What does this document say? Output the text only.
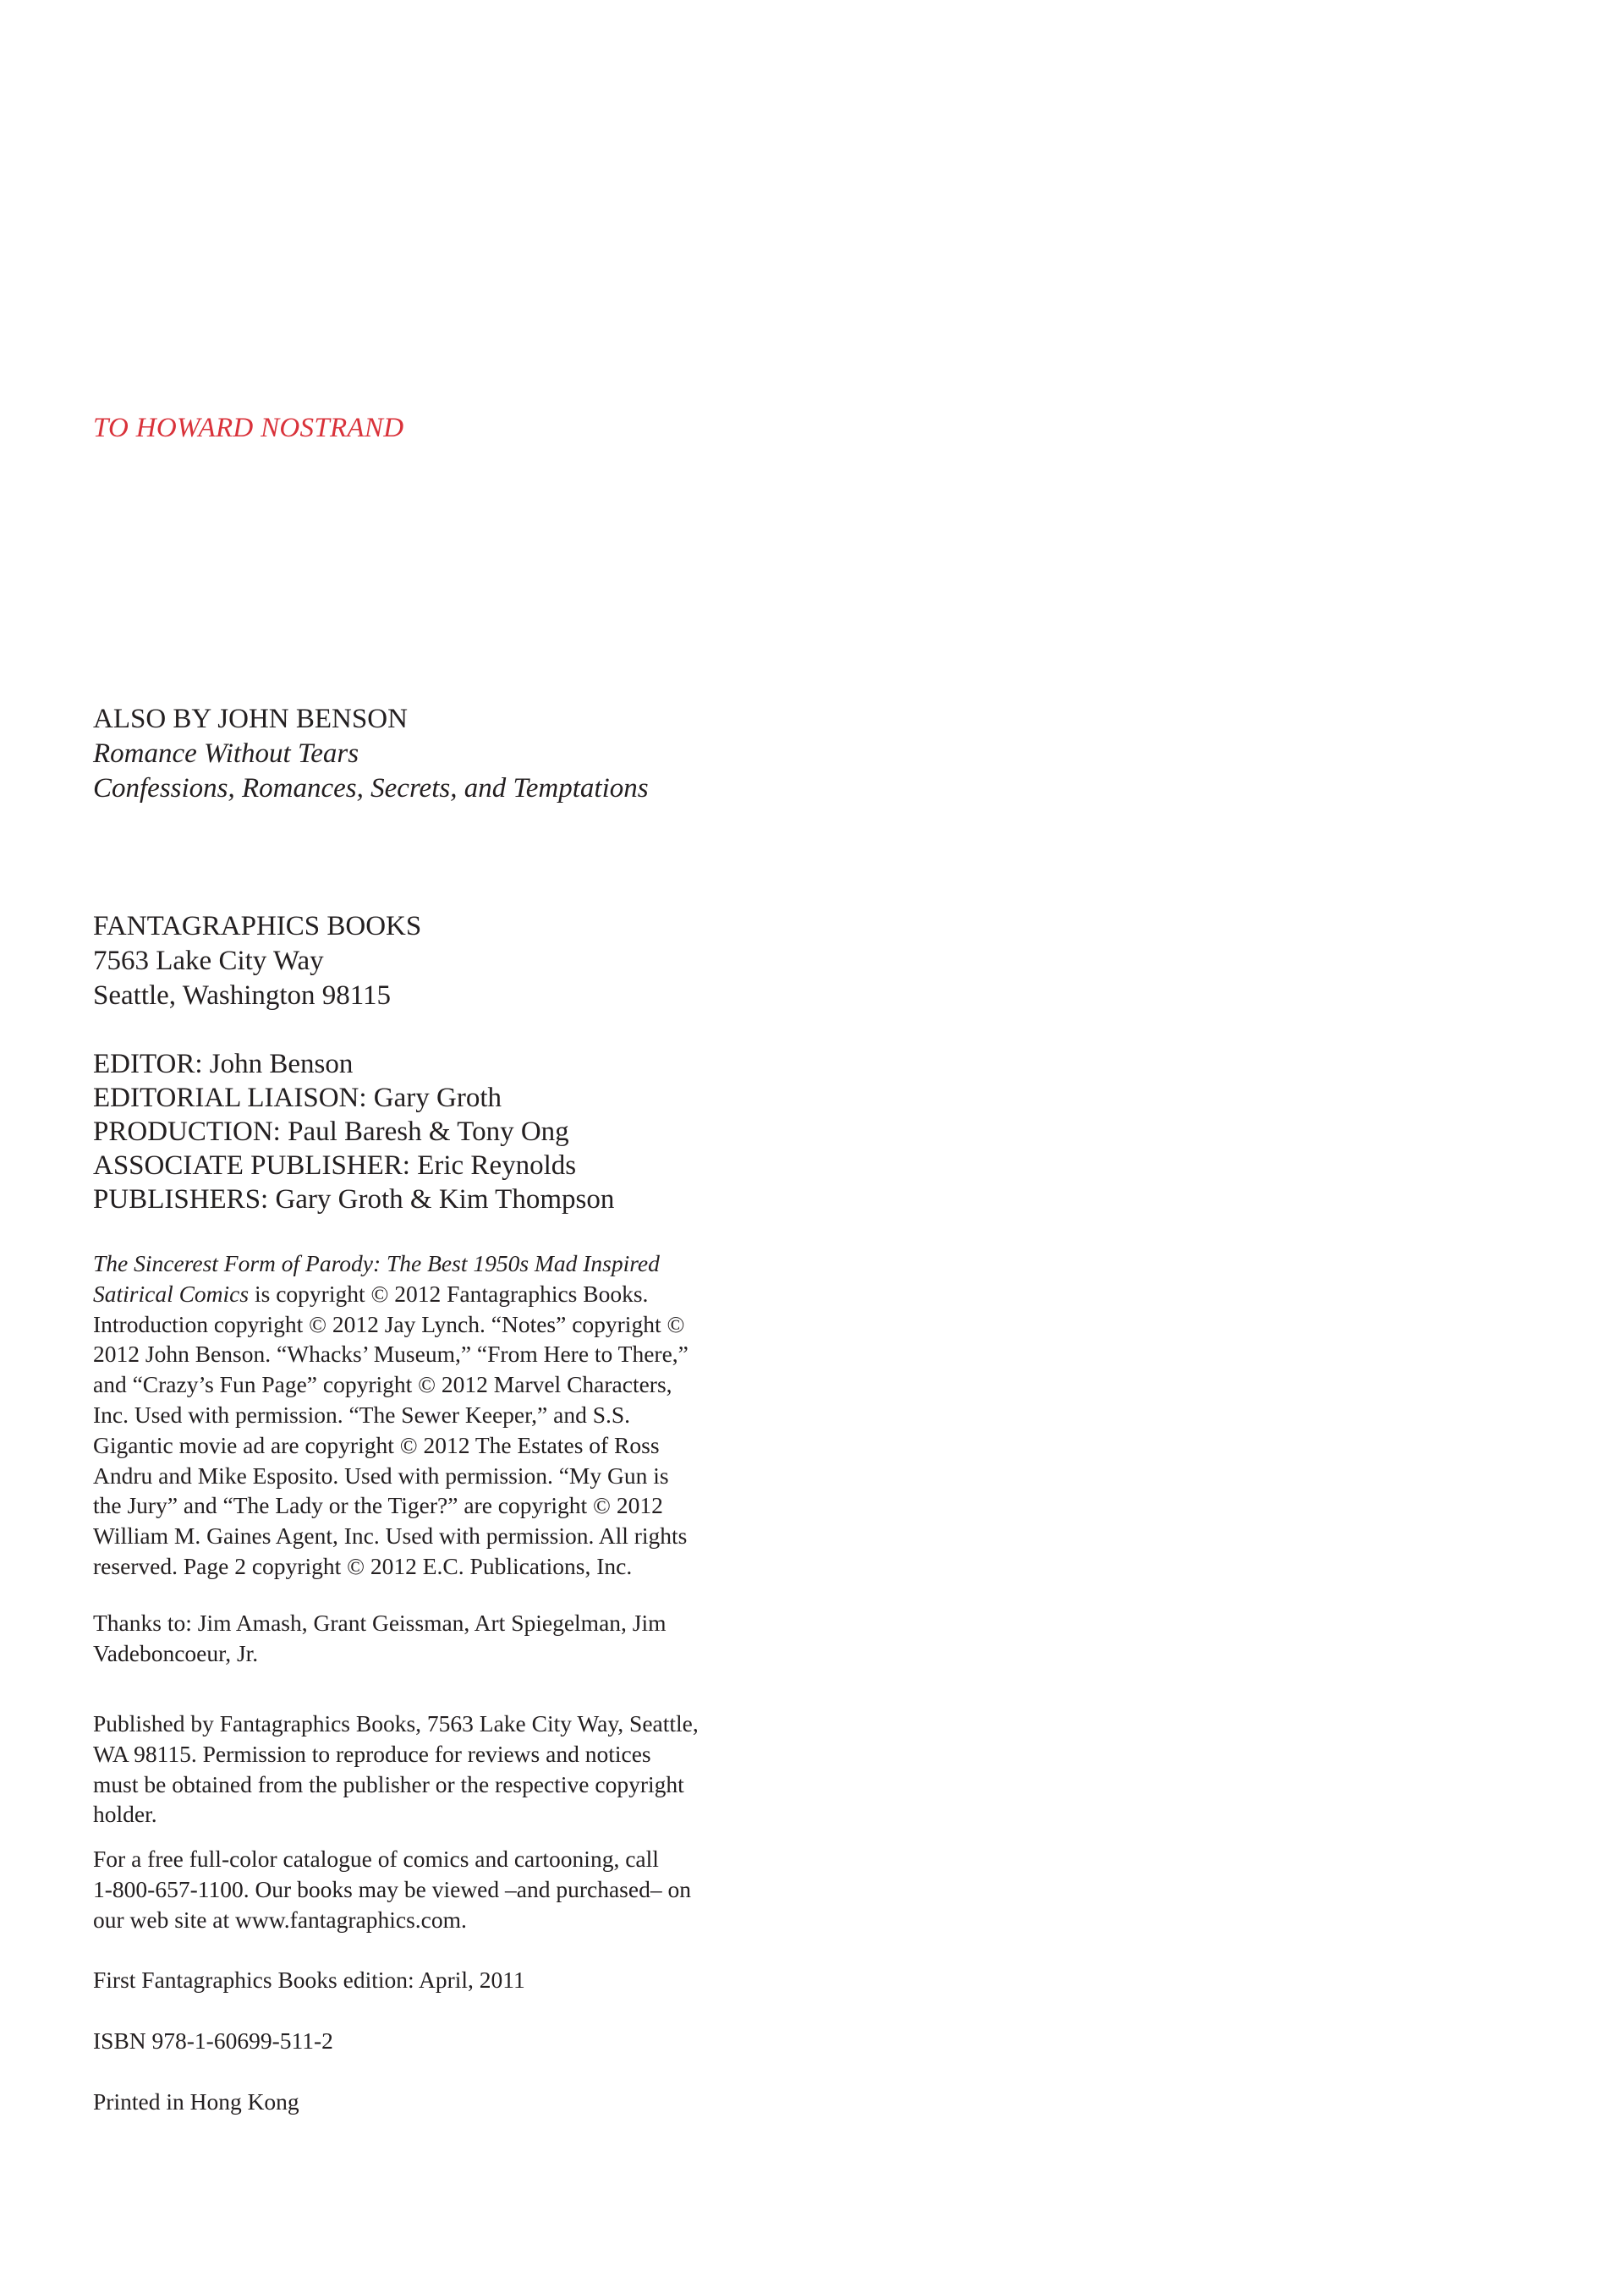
TO HOWARD NOSTRAND
ALSO BY JOHN BENSON
Romance Without Tears
Confessions, Romances, Secrets, and Temptations
FANTAGRAPHICS BOOKS
7563 Lake City Way
Seattle, Washington 98115
EDITOR: John Benson
EDITORIAL LIAISON: Gary Groth
PRODUCTION: Paul Baresh & Tony Ong
ASSOCIATE PUBLISHER: Eric Reynolds
PUBLISHERS: Gary Groth & Kim Thompson
The Sincerest Form of Parody: The Best 1950s Mad Inspired
Satirical Comics is copyright © 2012 Fantagraphics Books.
Introduction copyright © 2012 Jay Lynch. “Notes” copyright ©
2012 John Benson. “Whacks’ Museum,” “From Here to There,”
and “Crazy’s Fun Page” copyright © 2012 Marvel Characters,
Inc. Used with permission. “The Sewer Keeper,” and S.S.
Gigantic movie ad are copyright © 2012 The Estates of Ross
Andru and Mike Esposito. Used with permission. “My Gun is
the Jury” and “The Lady or the Tiger?” are copyright © 2012
William M. Gaines Agent, Inc. Used with permission. All rights
reserved. Page 2 copyright © 2012 E.C. Publications, Inc.
Thanks to: Jim Amash, Grant Geissman, Art Spiegelman, Jim
Vadeboncoeur, Jr.
Published by Fantagraphics Books, 7563 Lake City Way, Seattle,
WA 98115. Permission to reproduce for reviews and notices
must be obtained from the publisher or the respective copyright
holder.
For a free full-color catalogue of comics and cartooning, call
1-800-657-1100. Our books may be viewed –and purchased– on
our web site at www.fantagraphics.com.
First Fantagraphics Books edition: April, 2011
ISBN 978-1-60699-511-2
Printed in Hong Kong
